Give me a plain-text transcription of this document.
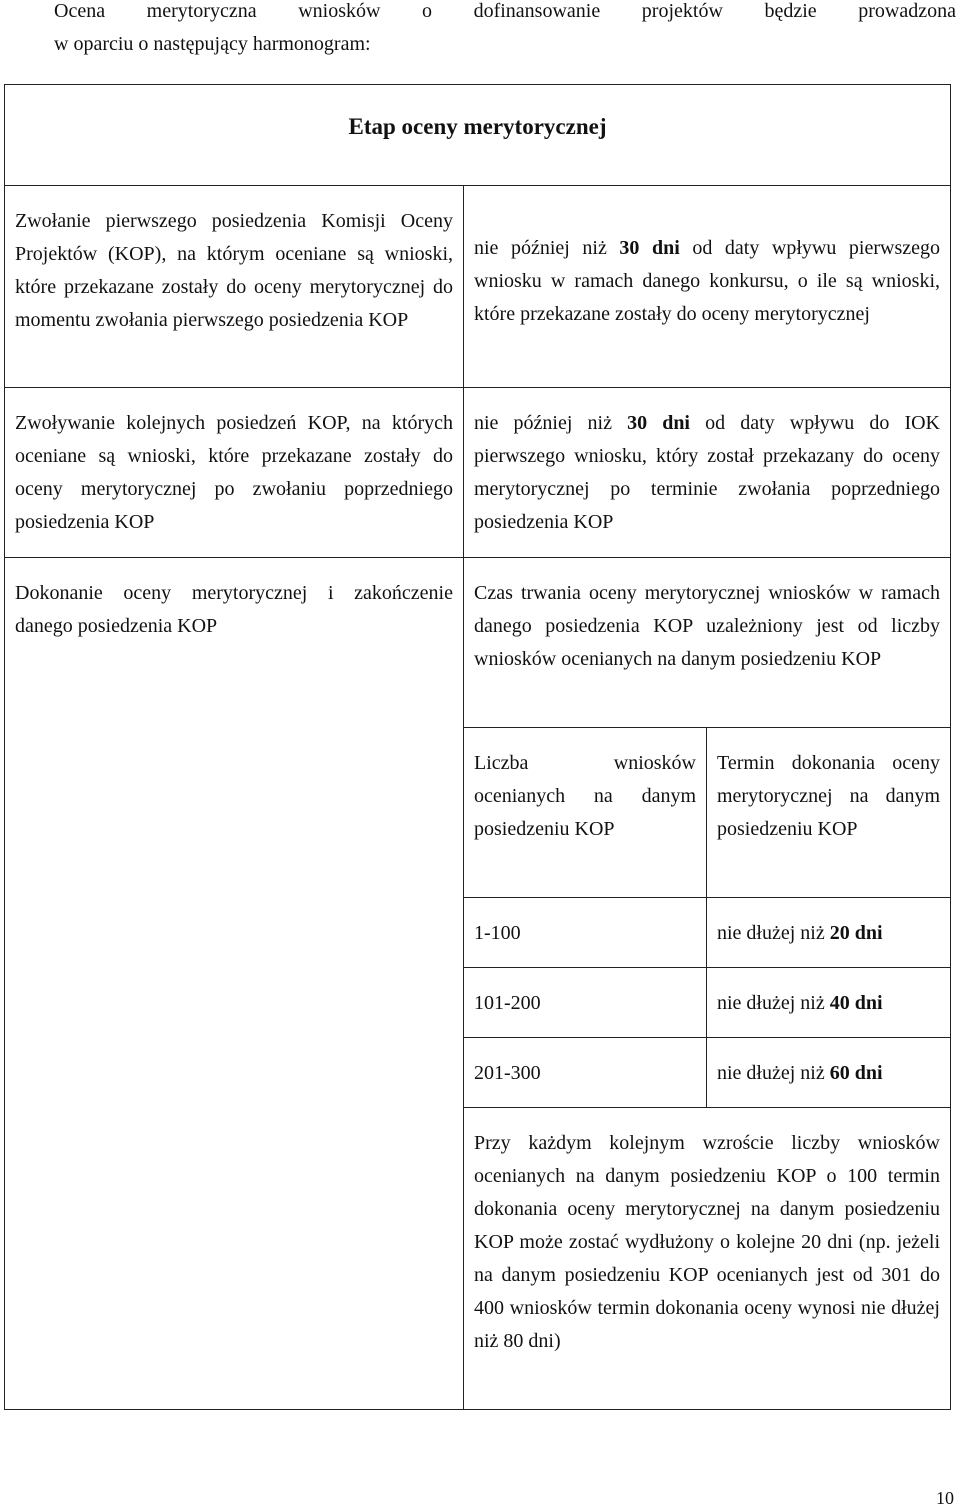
Ocena merytoryczna wniosków o dofinansowanie projektów będzie prowadzona
w oparciu o następujący harmonogram:
Etap oceny merytorycznej		
Zwołanie pierwszego posiedzenia Komisji Oceny Projektów (KOP), na którym oceniane są wnioski, które przekazane zostały do oceny merytorycznej do momentu zwołania pierwszego posiedzenia KOP	nie później niż 30 dni od daty wpływu pierwszego wniosku w ramach danego konkursu, o ile są wnioski, które przekazane zostały do oceny merytorycznej	
Zwoływanie kolejnych posiedzeń KOP, na których oceniane są wnioski, które przekazane zostały do oceny merytorycznej po zwołaniu poprzedniego posiedzenia KOP	nie później niż 30 dni od daty wpływu do IOK pierwszego wniosku, który został przekazany do oceny merytorycznej po terminie zwołania poprzedniego posiedzenia KOP	
Dokonanie oceny merytorycznej i zakończenie danego posiedzenia KOP	Czas trwania oceny merytorycznej wniosków w ramach danego posiedzenia KOP uzależniony jest od liczby wniosków ocenianych na danym posiedzeniu KOP	
	Liczba wniosków ocenianych na danym posiedzeniu KOP	Termin dokonania oceny merytorycznej na danym posiedzeniu KOP
	1-100	nie dłużej niż 20 dni
	101-200	nie dłużej niż 40 dni
	201-300	nie dłużej niż 60 dni
	Przy każdym kolejnym wzroście liczby wniosków ocenianych na danym posiedzeniu KOP o 100 termin dokonania oceny merytorycznej na danym posiedzeniu KOP może zostać wydłużony o kolejne 20 dni (np. jeżeli na danym posiedzeniu KOP ocenianych jest od 301 do 400 wniosków termin dokonania oceny wynosi nie dłużej niż 80 dni)	
10
